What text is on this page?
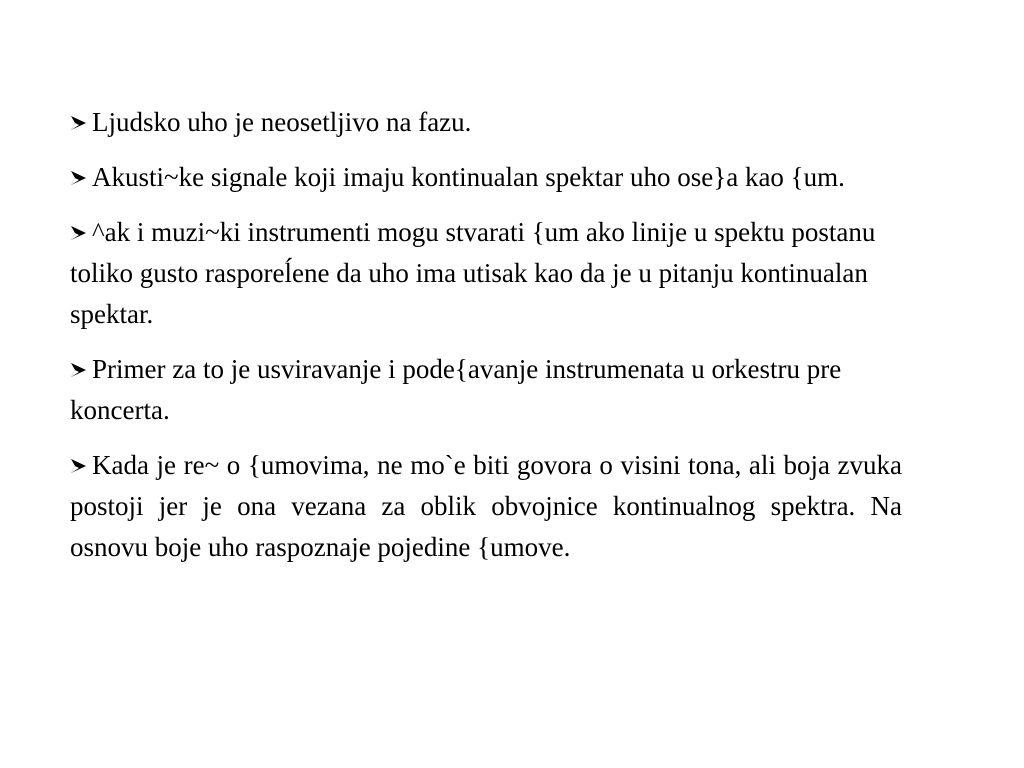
Ljudsko uho je neosetljivo na fazu.

Akusti~ke signale koji imaju kontinualan spektar uho ose}a kao {um.

^ak i muzi~ki instrumenti mogu stvarati {um ako linije u spektu postanu toliko gusto rasporeĺene da uho ima utisak kao da je u pitanju kontinualan spektar.

Primer za to je usviravanje i pode{avanje instrumenata u orkestru pre koncerta.

Kada je re~ o {umovima, ne mo`e biti govora o visini tona, ali boja zvuka postoji jer je ona vezana za oblik obvojnice kontinualnog spektra. Na osnovu boje uho raspoznaje pojedine {umove.
